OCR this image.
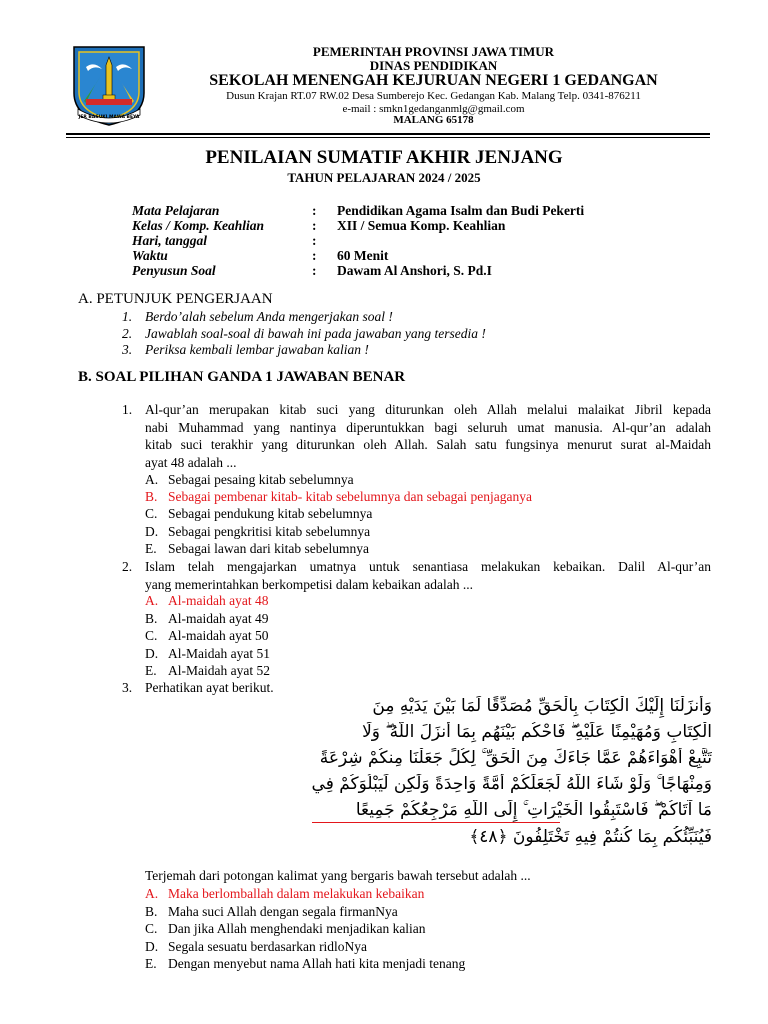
JER BASUKI MAWA BEYA
PEMERINTAH PROVINSI JAWA TIMUR
DINAS PENDIDIKAN
SEKOLAH MENENGAH KEJURUAN NEGERI 1 GEDANGAN
Dusun Krajan RT.07 RW.02 Desa Sumberejo Kec. Gedangan Kab. Malang Telp. 0341-876211
e-mail : smkn1gedanganmlg@gmail.com
MALANG 65178
PENILAIAN SUMATIF AKHIR JENJANG
TAHUN PELAJARAN 2024 / 2025
Mata Pelajaran	: Pendidikan Agama Isalm dan Budi Pekerti
Kelas / Komp. Keahlian	: XII / Semua Komp. Keahlian
Hari, tanggal	:
Waktu	: 60 Menit
Penyusun Soal	: Dawam Al Anshori, S. Pd.I
A. PETUNJUK PENGERJAAN
1. Berdo’alah sebelum Anda mengerjakan soal !
2. Jawablah soal-soal di bawah ini pada jawaban yang tersedia !
3. Periksa kembali lembar jawaban kalian !
B. SOAL PILIHAN GANDA 1 JAWABAN BENAR
1. Al-qur’an merupakan kitab suci yang diturunkan oleh Allah melalui malaikat Jibril kepada
nabi Muhammad yang nantinya diperuntukkan bagi seluruh umat manusia. Al-qur’an adalah
kitab suci terakhir yang diturunkan oleh Allah. Salah satu fungsinya menurut surat al-Maidah
ayat 48 adalah ...
A. Sebagai pesaing kitab sebelumnya
B. Sebagai pembenar kitab- kitab sebelumnya dan sebagai penjaganya
C. Sebagai pendukung kitab sebelumnya
D. Sebagai pengkritisi kitab sebelumnya
E. Sebagai lawan dari kitab sebelumnya
2. Islam telah mengajarkan umatnya untuk senantiasa melakukan kebaikan. Dalil Al-qur’an
yang memerintahkan berkompetisi dalam kebaikan adalah ...
A. Al-maidah ayat 48
B. Al-maidah ayat 49
C. Al-maidah ayat 50
D. Al-Maidah ayat 51
E. Al-Maidah ayat 52
3. Perhatikan ayat berikut.
وَأَنزَلْنَا إِلَيْكَ الْكِتَابَ بِالْحَقِّ مُصَدِّقًا لِّمَا بَيْنَ يَدَيْهِ مِنَ
الْكِتَابِ وَمُهَيْمِنًا عَلَيْهِ ۖ فَاحْكُم بَيْنَهُم بِمَا أَنزَلَ اللَّهُ ۖ وَلَا
تَتَّبِعْ أَهْوَاءَهُمْ عَمَّا جَاءَكَ مِنَ الْحَقِّ ۚ لِكُلٍّ جَعَلْنَا مِنكُمْ شِرْعَةً
وَمِنْهَاجًا ۚ وَلَوْ شَاءَ اللَّهُ لَجَعَلَكُمْ أُمَّةً وَاحِدَةً وَلَٰكِن لِّيَبْلُوَكُمْ فِي
مَا آتَاكُمْ ۖ فَاسْتَبِقُوا الْخَيْرَاتِ ۚ إِلَى اللَّهِ مَرْجِعُكُمْ جَمِيعًا
فَيُنَبِّئُكُم بِمَا كُنتُمْ فِيهِ تَخْتَلِفُونَ ﴿٤٨﴾
Terjemah dari potongan kalimat yang bergaris bawah tersebut adalah ...
A. Maka berlomballah dalam melakukan kebaikan
B. Maha suci Allah dengan segala firmanNya
C. Dan jika Allah menghendaki menjadikan kalian
D. Segala sesuatu berdasarkan ridloNya
E. Dengan menyebut nama Allah hati kita menjadi tenang
